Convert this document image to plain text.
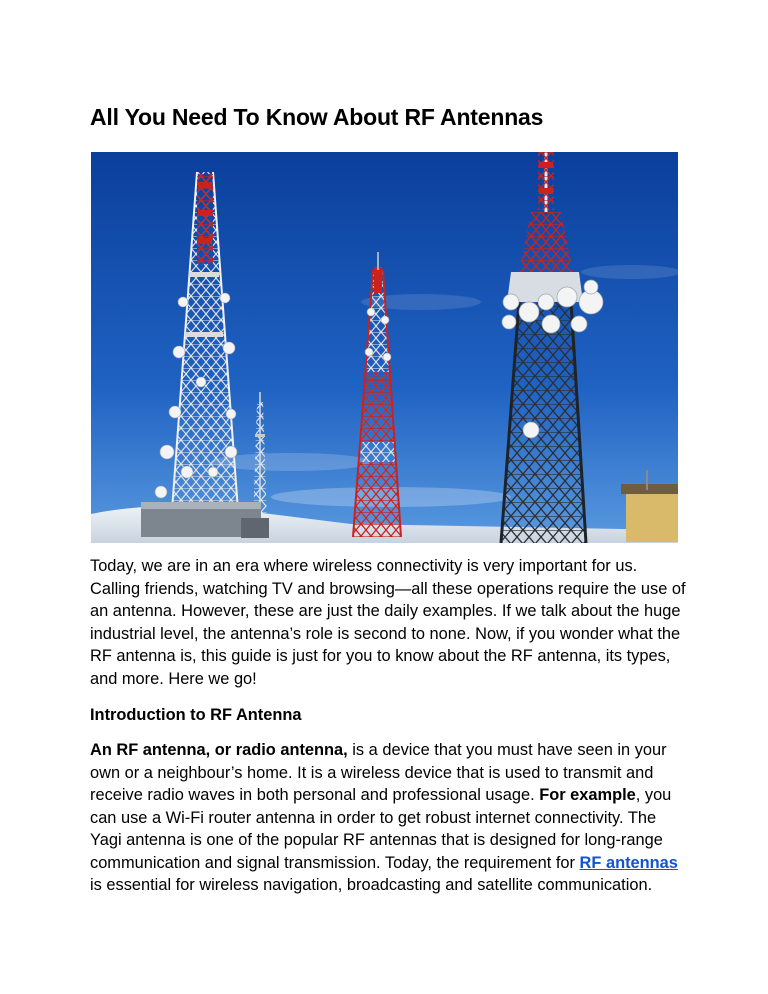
All You Need To Know About RF Antennas

Today, we are in an era where wireless connectivity is very important for us. Calling friends, watching TV and browsing—all these operations require the use of an antenna. However, these are just the daily examples. If we talk about the huge industrial level, the antenna’s role is second to none. Now, if you wonder what the RF antenna is, this guide is just for you to know about the RF antenna, its types, and more. Here we go!

Introduction to RF Antenna

An RF antenna, or radio antenna, is a device that you must have seen in your own or a neighbour’s home. It is a wireless device that is used to transmit and receive radio waves in both personal and professional usage. For example, you can use a Wi-Fi router antenna in order to get robust internet connectivity. The Yagi antenna is one of the popular RF antennas that is designed for long-range communication and signal transmission. Today, the requirement for RF antennas is essential for wireless navigation, broadcasting and satellite communication.
